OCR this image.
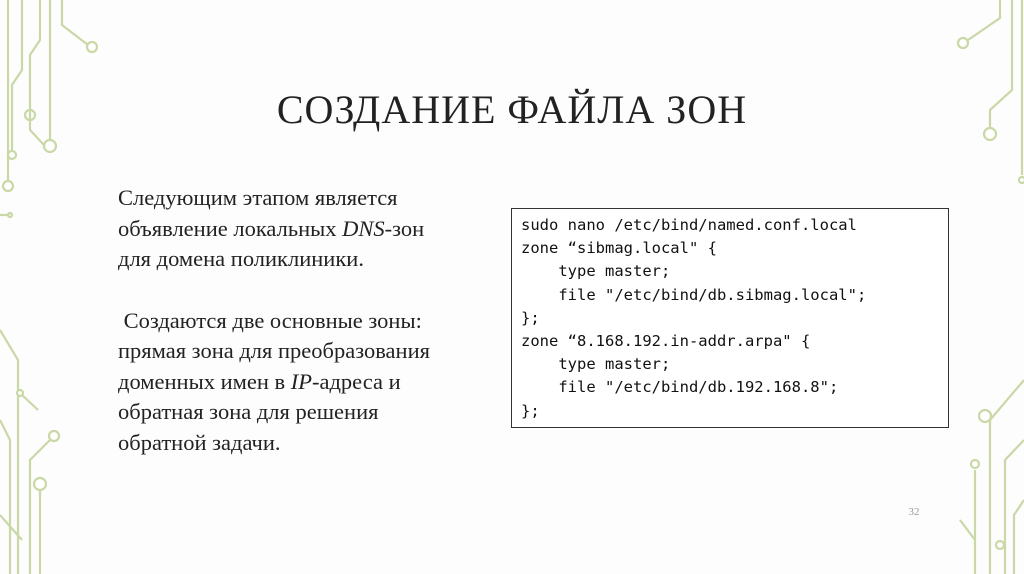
СОЗДАНИЕ ФАЙЛА ЗОН

Следующим этапом является
объявление локальных DNS-зон
для домена поликлиники.

Создаются две основные зоны:
прямая зона для преобразования
доменных имен в IP-адреса и
обратная зона для решения
обратной задачи.

sudo nano /etc/bind/named.conf.local
zone “sibmag.local" {
type master;
file "/etc/bind/db.sibmag.local";
};
zone “8.168.192.in-addr.arpa" {
type master;
file "/etc/bind/db.192.168.8";
};
32
